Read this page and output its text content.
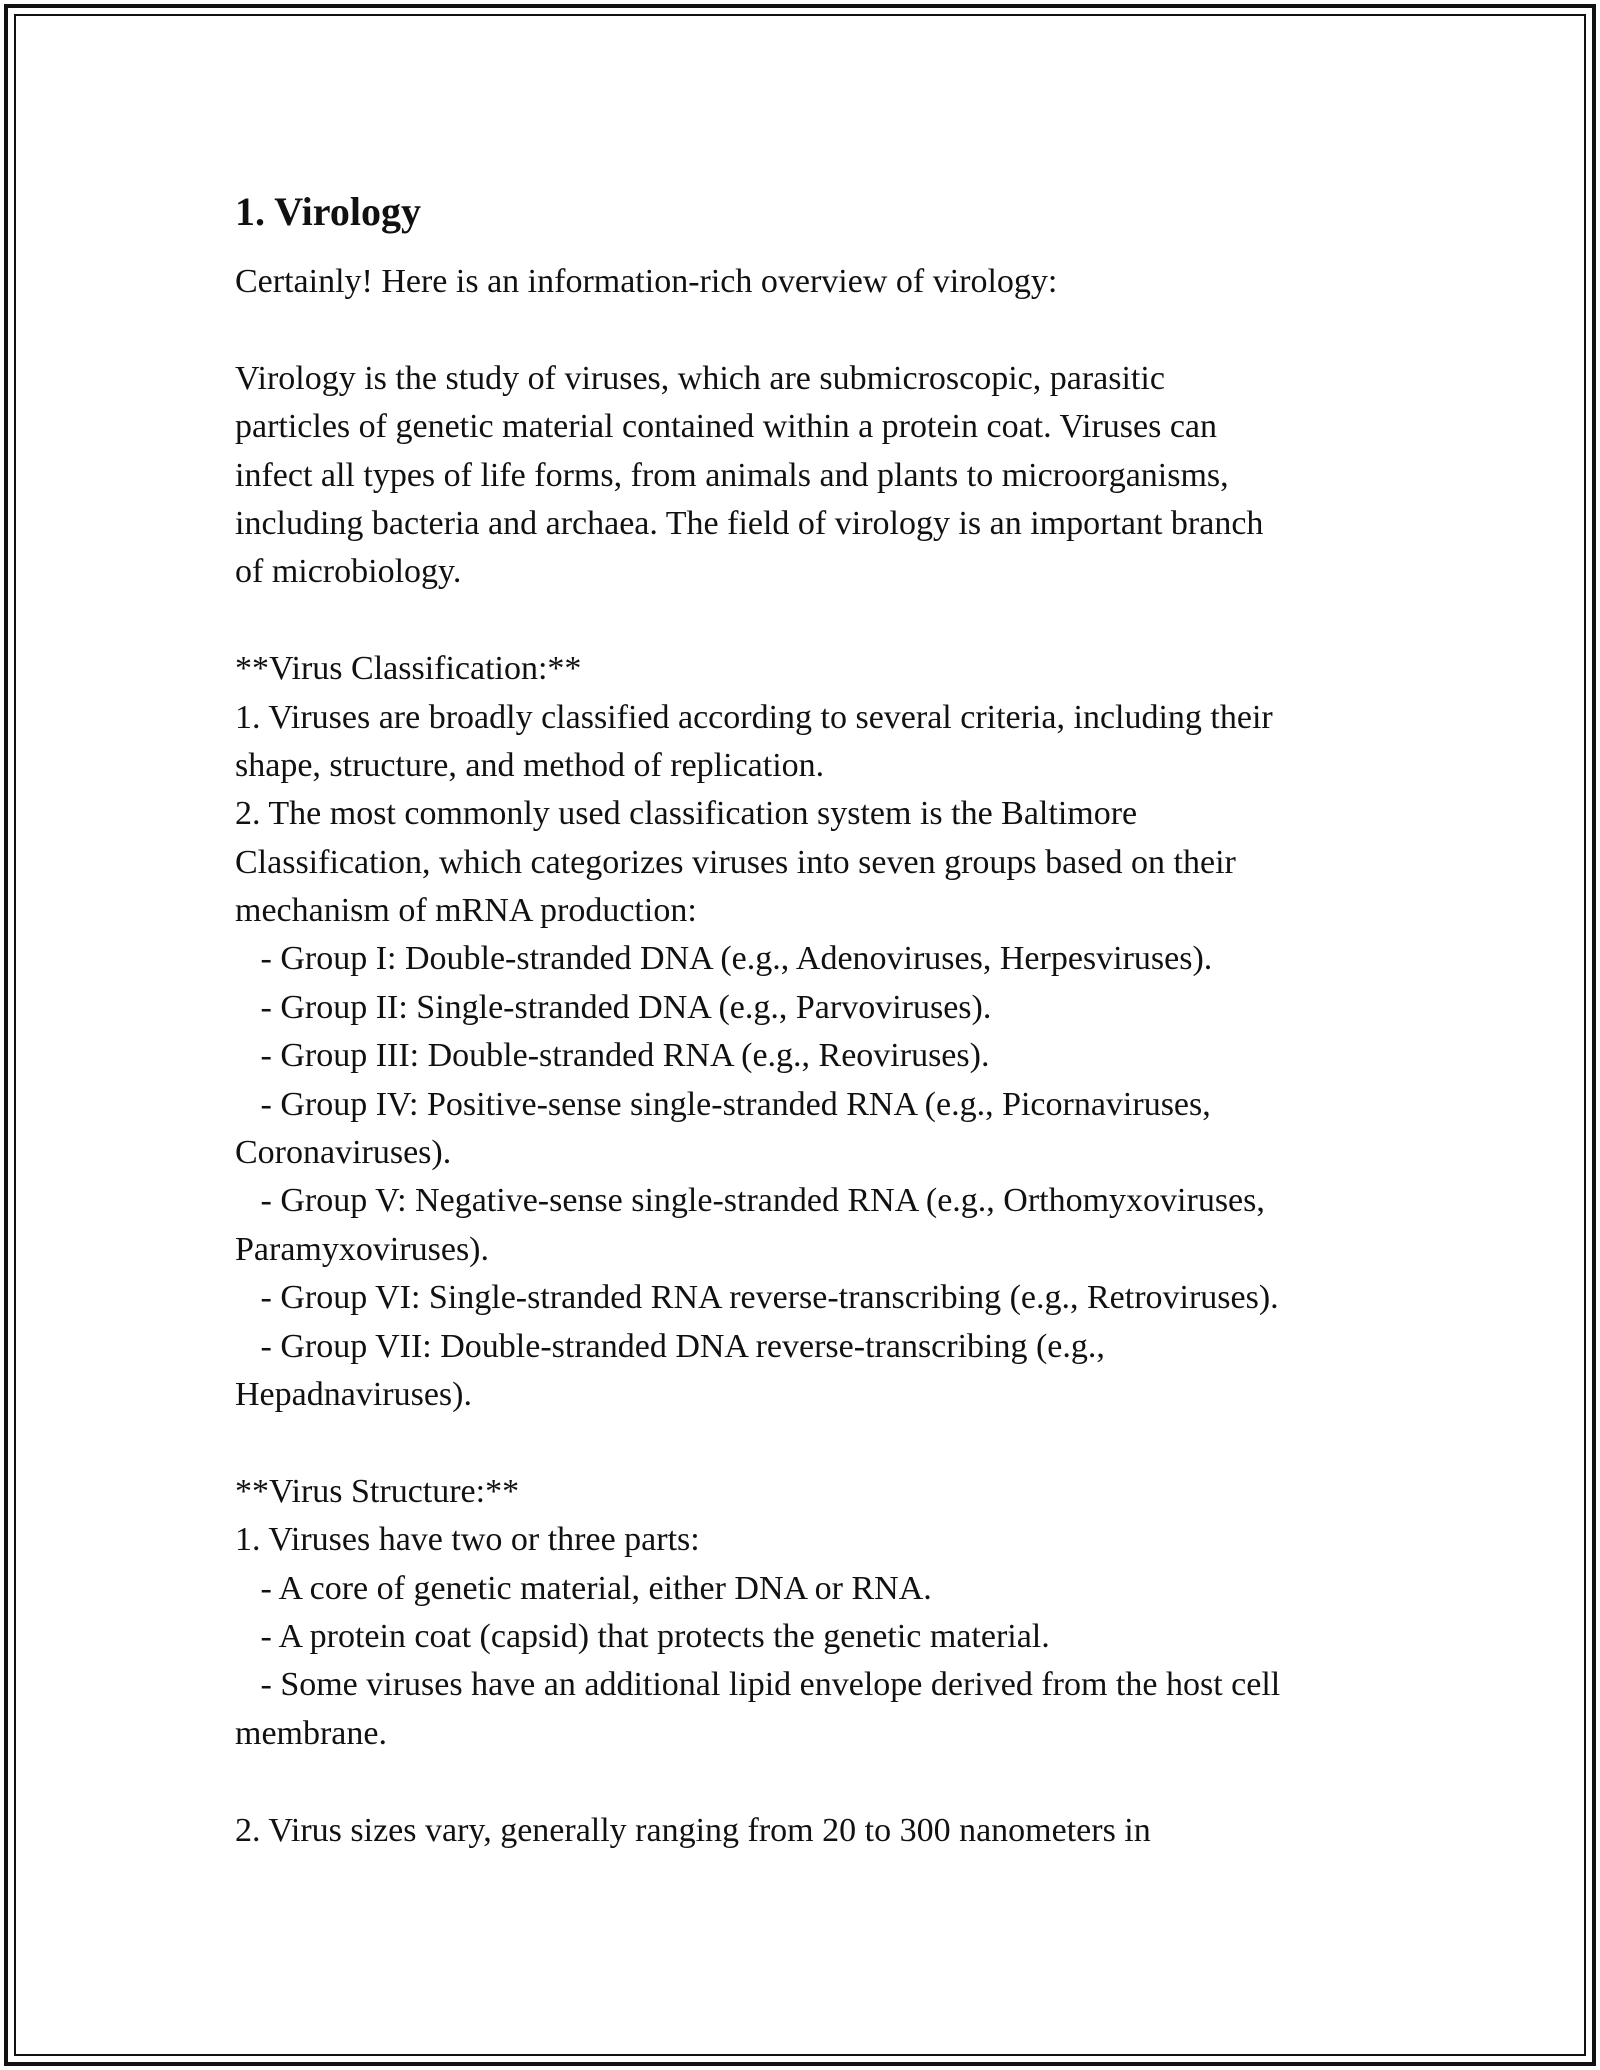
1. Virology
Certainly! Here is an information-rich overview of virology:
Virology is the study of viruses, which are submicroscopic, parasitic
particles of genetic material contained within a protein coat. Viruses can
infect all types of life forms, from animals and plants to microorganisms,
including bacteria and archaea. The field of virology is an important branch
of microbiology.
**Virus Classification:**
1. Viruses are broadly classified according to several criteria, including their
shape, structure, and method of replication.
2. The most commonly used classification system is the Baltimore
Classification, which categorizes viruses into seven groups based on their
mechanism of mRNA production:
- Group I: Double-stranded DNA (e.g., Adenoviruses, Herpesviruses).
- Group II: Single-stranded DNA (e.g., Parvoviruses).
- Group III: Double-stranded RNA (e.g., Reoviruses).
- Group IV: Positive-sense single-stranded RNA (e.g., Picornaviruses,
Coronaviruses).
- Group V: Negative-sense single-stranded RNA (e.g., Orthomyxoviruses,
Paramyxoviruses).
- Group VI: Single-stranded RNA reverse-transcribing (e.g., Retroviruses).
- Group VII: Double-stranded DNA reverse-transcribing (e.g.,
Hepadnaviruses).
**Virus Structure:**
1. Viruses have two or three parts:
- A core of genetic material, either DNA or RNA.
- A protein coat (capsid) that protects the genetic material.
- Some viruses have an additional lipid envelope derived from the host cell
membrane.
2. Virus sizes vary, generally ranging from 20 to 300 nanometers in
